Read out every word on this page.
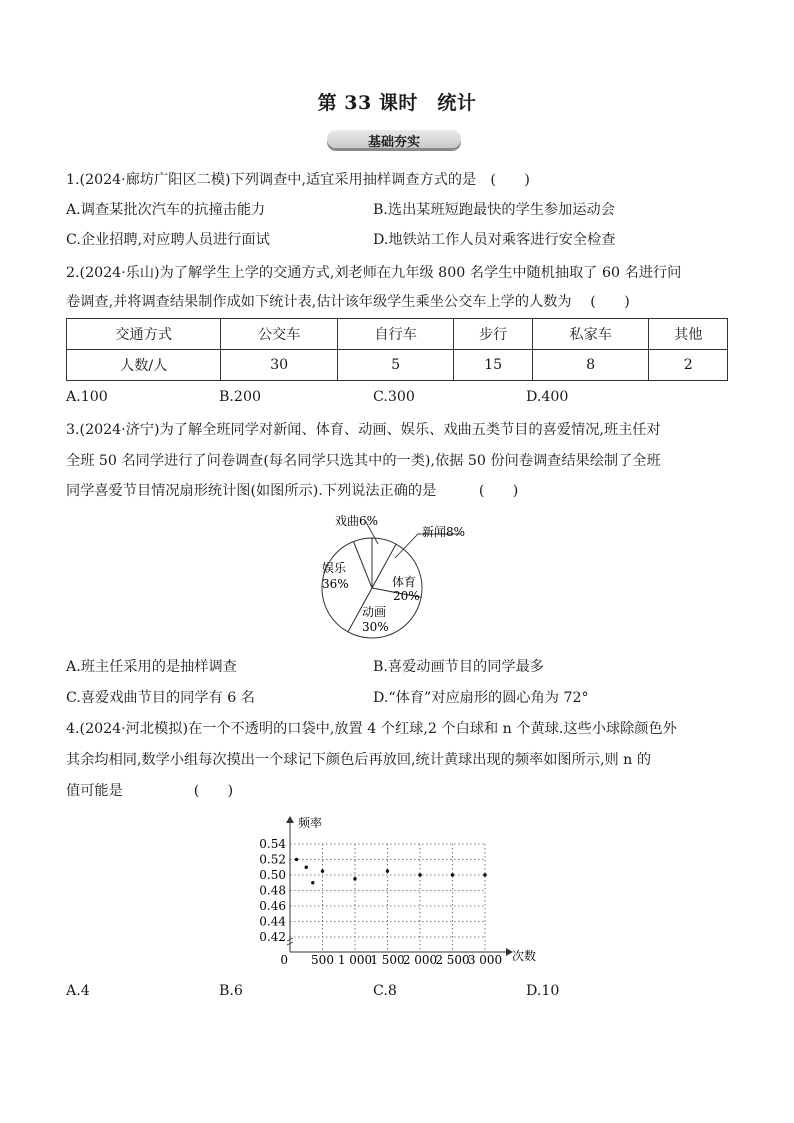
第 33 课时　统计
基础夯实
1.(2024·廊坊广阳区二模)下列调查中,适宜采用抽样调查方式的是　(　　)
A.调查某批次汽车的抗撞击能力	B.选出某班短跑最快的学生参加运动会
C.企业招聘,对应聘人员进行面试	D.地铁站工作人员对乘客进行安全检查
2.(2024·乐山)为了解学生上学的交通方式,刘老师在九年级 800 名学生中随机抽取了 60 名进行问
卷调查,并将调查结果制作成如下统计表,估计该年级学生乘坐公交车上学的人数为　 (　　)
交通方式	公交车	自行车	步行	私家车	其他
人数/人	30	5	15	8	2
A.100	B.200	C.300	D.400
3.(2024·济宁)为了解全班同学对新闻、体育、动画、娱乐、戏曲五类节目的喜爱情况,班主任对
全班 50 名同学进行了问卷调查(每名同学只选其中的一类),依据 50 份问卷调查结果绘制了全班
同学喜爱节目情况扇形统计图(如图所示).下列说法正确的是　　　(　　)
戏曲6%
新闻8%
体育
20%
动画
30%
娱乐
36%
A.班主任采用的是抽样调查	B.喜爱动画节目的同学最多
C.喜爱戏曲节目的同学有 6 名	D.“体育”对应扇形的圆心角为 72°
4.(2024·河北模拟)在一个不透明的口袋中,放置 4 个红球,2 个白球和 n 个黄球.这些小球除颜色外
其余均相同,数学小组每次摸出一个球记下颜色后再放回,统计黄球出现的频率如图所示,则 n 的
值可能是　　　　　(　　)
频率
次数
0.42
0.44
0.46
0.48
0.50
0.52
0.54
0 500 1 000
1 500
2 000
2 500
3 000
A.4	B.6	C.8	D.10
